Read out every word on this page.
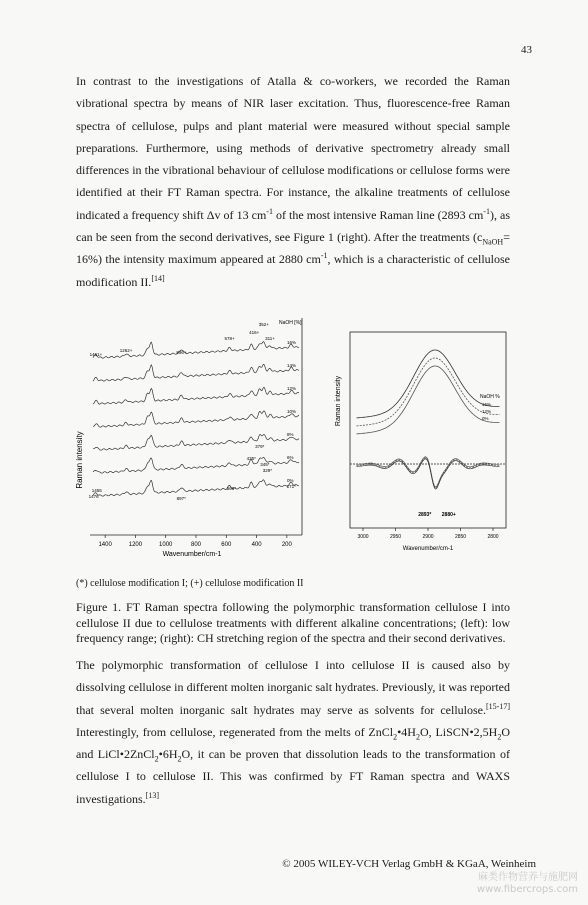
43
In contrast to the investigations of Atalla & co-workers, we recorded the Raman vibrational spectra by means of NIR laser excitation. Thus, fluorescence-free Raman spectra of cellulose, pulps and plant material were measured without special sample preparations. Furthermore, using methods of derivative spectrometry already small differences in the vibrational behaviour of cellulose modifications or cellulose forms were identified at their FT Raman spectra. For instance, the alkaline treatments of cellulose indicated a frequency shift Δv of 13 $cm^{-1}$ of the most intensive Raman line (2893 $cm^{-1}$), as can be seen from the second derivatives, see Figure 1 (right). After the treatments $(c_{NaOH}= 16\%)$ the intensity maximum appeared at 2880 $cm^{-1}$, which is a characteristic of cellulose modification II.[14]
1400	1200	1000	800	600	400	200
Raman intensity
Wavenumber/cm-1
NaOH [%]
16%
14%
12%
10%
8%
6%
0%
1461+
1262+	896+
578+
416+
352+
311+
379*
435*
345*
329*
171*
1455
1476	897*
566*
3000	2950	2900	2850	2800
Raman intensity
Wavenumber/cm-1
NaOH %
16%
12%
0%
2893* 2880+
(*) cellulose modification I; (+) cellulose modification II
Figure 1. FT Raman spectra following the polymorphic transformation cellulose I into cellulose II due to cellulose treatments with different alkaline concentrations; (left): low frequency range; (right): CH stretching region of the spectra and their second derivatives.
The polymorphic transformation of cellulose I into cellulose II is caused also by dissolving cellulose in different molten inorganic salt hydrates. Previously, it was reported that several molten inorganic salt hydrates may serve as solvents for cellulose.[15-17] Interestingly, from cellulose, regenerated from the melts of $ZnCl_2•4H_2O$, $LiSCN•2,5H_2O$ and $LiCl•2ZnCl_2•6H_2O$, it can be proven that dissolution leads to the transformation of cellulose I to cellulose II. This was confirmed by FT Raman spectra and WAXS investigations.[13]
© 2005 WILEY-VCH Verlag GmbH & KGaA, Weinheim
麻类作物营养与施肥网
www.fibercrops.com
